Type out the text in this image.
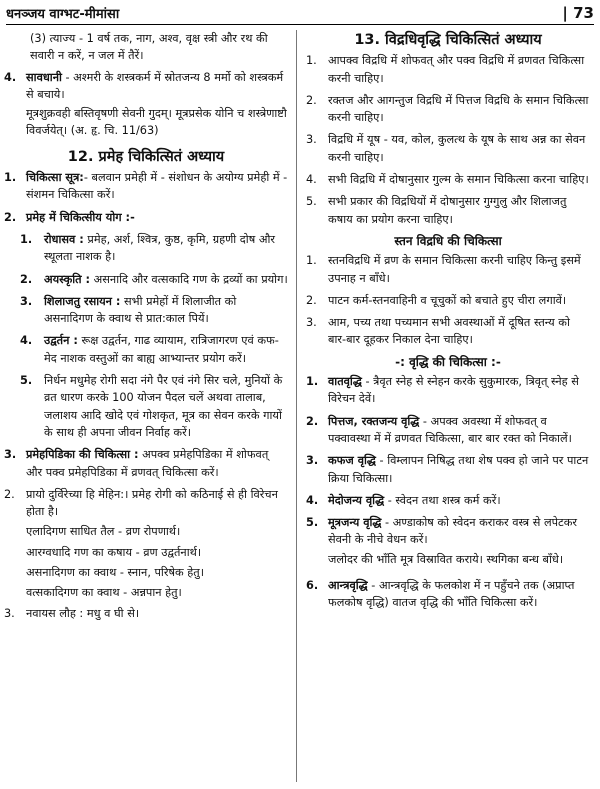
धनञ्जय वाग्भट-मीमांसा	| 73
(3) त्याज्य - 1 वर्ष तक, नाग, अश्व, वृक्ष स्त्री और रथ की सवारी न करें, न जल में तैरें।
4. सावधानी - अश्मरी के शस्त्रकर्म में स्रोतजन्य 8 मर्मो को शस्त्रकर्म से बचाये।
मूत्रशुक्रवही बस्तिवृषणी सेवनी गुदम्। मूत्रप्रसेक योनि च शस्त्रेणाष्टौ विवर्जयेत्। (अ. हृ. चि. 11/63)
12. प्रमेह चिकित्सितं अध्याय
1. चिकित्सा सूत्र:- बलवान प्रमेही में - संशोधन के अयोग्य प्रमेही में - संशमन चिकित्सा करें।
2. प्रमेह में चिकित्सीय योग :-
1.	रोधासव : प्रमेह, अर्श, श्वित्र, कुष्ठ, कृमि, ग्रहणी दोष और स्थूलता नाशक है।
2.	अयस्कृति : असनादि और वत्सकादि गण के द्रव्यों का प्रयोग।
3.	शिलाजतु रसायन : सभी प्रमेहों में शिलाजीत को असनादिगण के क्वाथ से प्रात:काल पियें।
4.	उद्वर्तन : रूक्ष उद्वर्तन, गाढ व्यायाम, रात्रिजागरण एवं कफ-मेद नाशक वस्तुओं का बाह्य आभ्यान्तर प्रयोग करें।
5.	निर्धन मधुमेह रोगी सदा नंगे पैर एवं नंगे सिर चले, मुनियों के व्रत धारण करके 100 योजन पैदल चलें अथवा तालाब, जलाशय आदि खोदे एवं गोशकृत, मूत्र का सेवन करके गायों के साथ ही अपना जीवन निर्वाह करें।
3. प्रमेहपिडिका की चिकित्सा : अपक्व प्रमेहपिडिका में शोफवत् और पक्व प्रमेहपिडिका में व्रणवत् चिकित्सा करें।
2. प्रायो दुर्विरेच्या हि मेहिन:। प्रमेह रोगी को कठिनाई से ही विरेचन होता है।
एलादिगण साधित तैल - व्रण रोपणार्थ।
आरग्वधादि गण का कषाय - व्रण उद्वर्तनार्थ।
असनादिगण का क्वाथ - स्नान, परिषेक हेतु।
वत्सकादिगण का क्वाथ - अन्नपान हेतु।
3. नवायस लौह : मधु व घी से।
13. विद्रधिवृद्धि चिकित्सितं अध्याय
1. आपक्व विद्रधि में शोफवत् और पक्व विद्रधि में व्रणवत चिकित्सा करनी चाहिए।
2. रक्तज और आगन्तुज विद्रधि में पित्तज विद्रधि के समान चिकित्सा करनी चाहिए।
3. विद्रधि में यूष - यव, कोल, कुलत्थ के यूष के साथ अन्न का सेवन करनी चाहिए।
4. सभी विद्रधि में दोषानुसार गुल्म के समान चिकित्सा करना चाहिए।
5. सभी प्रकार की विद्रधियों में दोषानुसार गुग्गुलु और शिलाजतु कषाय का प्रयोग करना चाहिए।
स्तन विद्रधि की चिकित्सा
1. स्तनविद्रधि में व्रण के समान चिकित्सा करनी चाहिए किन्तु इसमें उपनाह न बाँधे।
2. पाटन कर्म-स्तनवाहिनी व चूचुकों को बचाते हुए चीरा लगावें।
3. आम, पच्य तथा पच्यमान सभी अवस्थाओं में दूषित स्तन्य को बार-बार दूहकर निकाल देना चाहिए।
-: वृद्धि की चिकित्सा :-
1. वातवृद्धि - त्रैवृत स्नेह से स्नेहन करके सुकुमारक, त्रिवृत् स्नेह से विरेचन देवें।
2. पित्तज, रक्तजन्य वृद्धि - अपक्व अवस्था में शोफवत् व पक्वावस्था में में व्रणवत चिकित्सा, बार बार रक्त को निकालें।
3. कफज वृद्धि - विम्लापन निषिद्ध तथा शेष पक्व हो जाने पर पाटन क्रिया चिकित्सा।
4. मेदोजन्य वृद्धि - स्वेदन तथा शस्त्र कर्म करें।
5. मूत्रजन्य वृद्धि - अण्डाकोष को स्वेदन कराकर वस्त्र से लपेटकर सेवनी के नीचे वेधन करें।
जलोदर की भाँति मूत्र विस्रावित कराये। स्थगिका बन्ध बाँधे।
6. आन्त्रवृद्धि - आन्त्रवृद्धि के फलकोश में न पहुँचने तक (अप्राप्त फलकोष वृद्धि) वातज वृद्धि की भाँति चिकित्सा करें।
